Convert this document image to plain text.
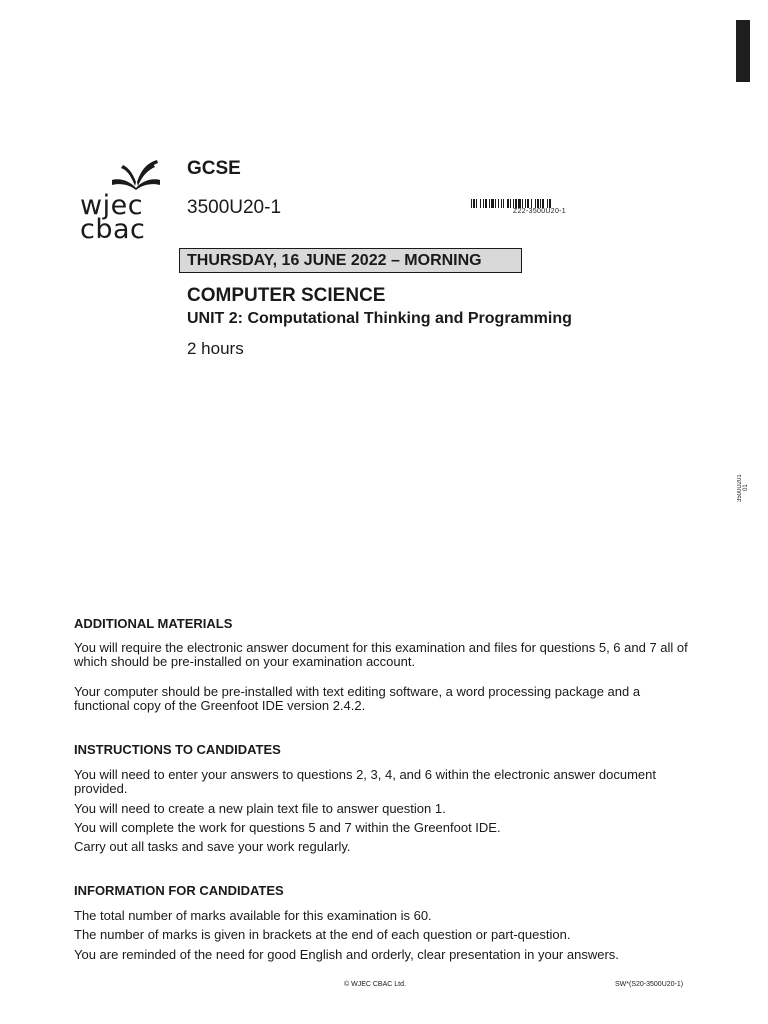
wjec
cbac
GCSE
3500U20-1	Z22-3500U20-1
THURSDAY, 16 JUNE 2022 – MORNING
COMPUTER SCIENCE
UNIT 2: Computational Thinking and Programming
2 hours
3500U201
01
ADDITIONAL MATERIALS
You will require the electronic answer document for this examination and files for questions 5, 6 and 7 all of which should be pre-installed on your examination account.
Your computer should be pre-installed with text editing software, a word processing package and a functional copy of the Greenfoot IDE version 2.4.2.
INSTRUCTIONS TO CANDIDATES
You will need to enter your answers to questions 2, 3, 4, and 6 within the electronic answer document provided.
You will need to create a new plain text file to answer question 1.
You will complete the work for questions 5 and 7 within the Greenfoot IDE.
Carry out all tasks and save your work regularly.
INFORMATION FOR CANDIDATES
The total number of marks available for this examination is 60.
The number of marks is given in brackets at the end of each question or part-question.
You are reminded of the need for good English and orderly, clear presentation in your answers.
© WJEC CBAC Ltd.	SW*(S20-3500U20-1)
